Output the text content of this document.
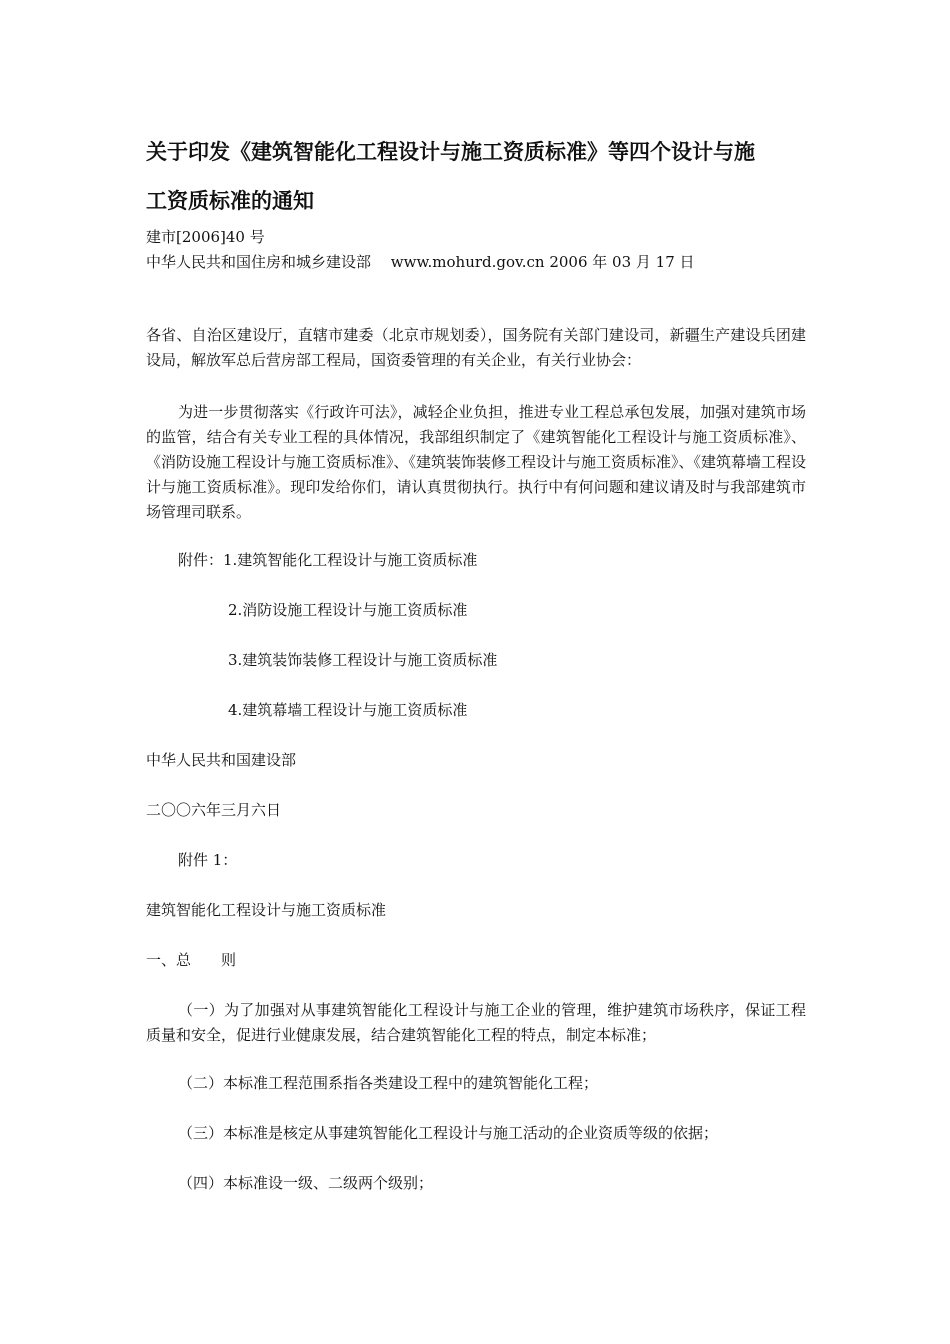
关于印发《建筑智能化工程设计与施工资质标准》等四个设计与施
工资质标准的通知
建市[2006]40 号
中华人民共和国住房和城乡建设部　 www.mohurd.gov.cn 2006 年 03 月 17 日
各省、自治区建设厅，直辖市建委（北京市规划委），国务院有关部门建设司，新疆生产建设兵团建设局，解放军总后营房部工程局，国资委管理的有关企业，有关行业协会：
为进一步贯彻落实《行政许可法》，减轻企业负担，推进专业工程总承包发展，加强对建筑市场的监管，结合有关专业工程的具体情况，我部组织制定了《建筑智能化工程设计与施工资质标准》、《消防设施工程设计与施工资质标准》、《建筑装饰装修工程设计与施工资质标准》、《建筑幕墙工程设计与施工资质标准》。现印发给你们，请认真贯彻执行。执行中有何问题和建议请及时与我部建筑市场管理司联系。
附件：1.建筑智能化工程设计与施工资质标准
2.消防设施工程设计与施工资质标准
3.建筑装饰装修工程设计与施工资质标准
4.建筑幕墙工程设计与施工资质标准
中华人民共和国建设部
二〇〇六年三月六日
附件 1：
建筑智能化工程设计与施工资质标准
一、总　　则
（一）为了加强对从事建筑智能化工程设计与施工企业的管理，维护建筑市场秩序，保证工程质量和安全，促进行业健康发展，结合建筑智能化工程的特点，制定本标准；
（二）本标准工程范围系指各类建设工程中的建筑智能化工程；
（三）本标准是核定从事建筑智能化工程设计与施工活动的企业资质等级的依据；
（四）本标准设一级、二级两个级别；
